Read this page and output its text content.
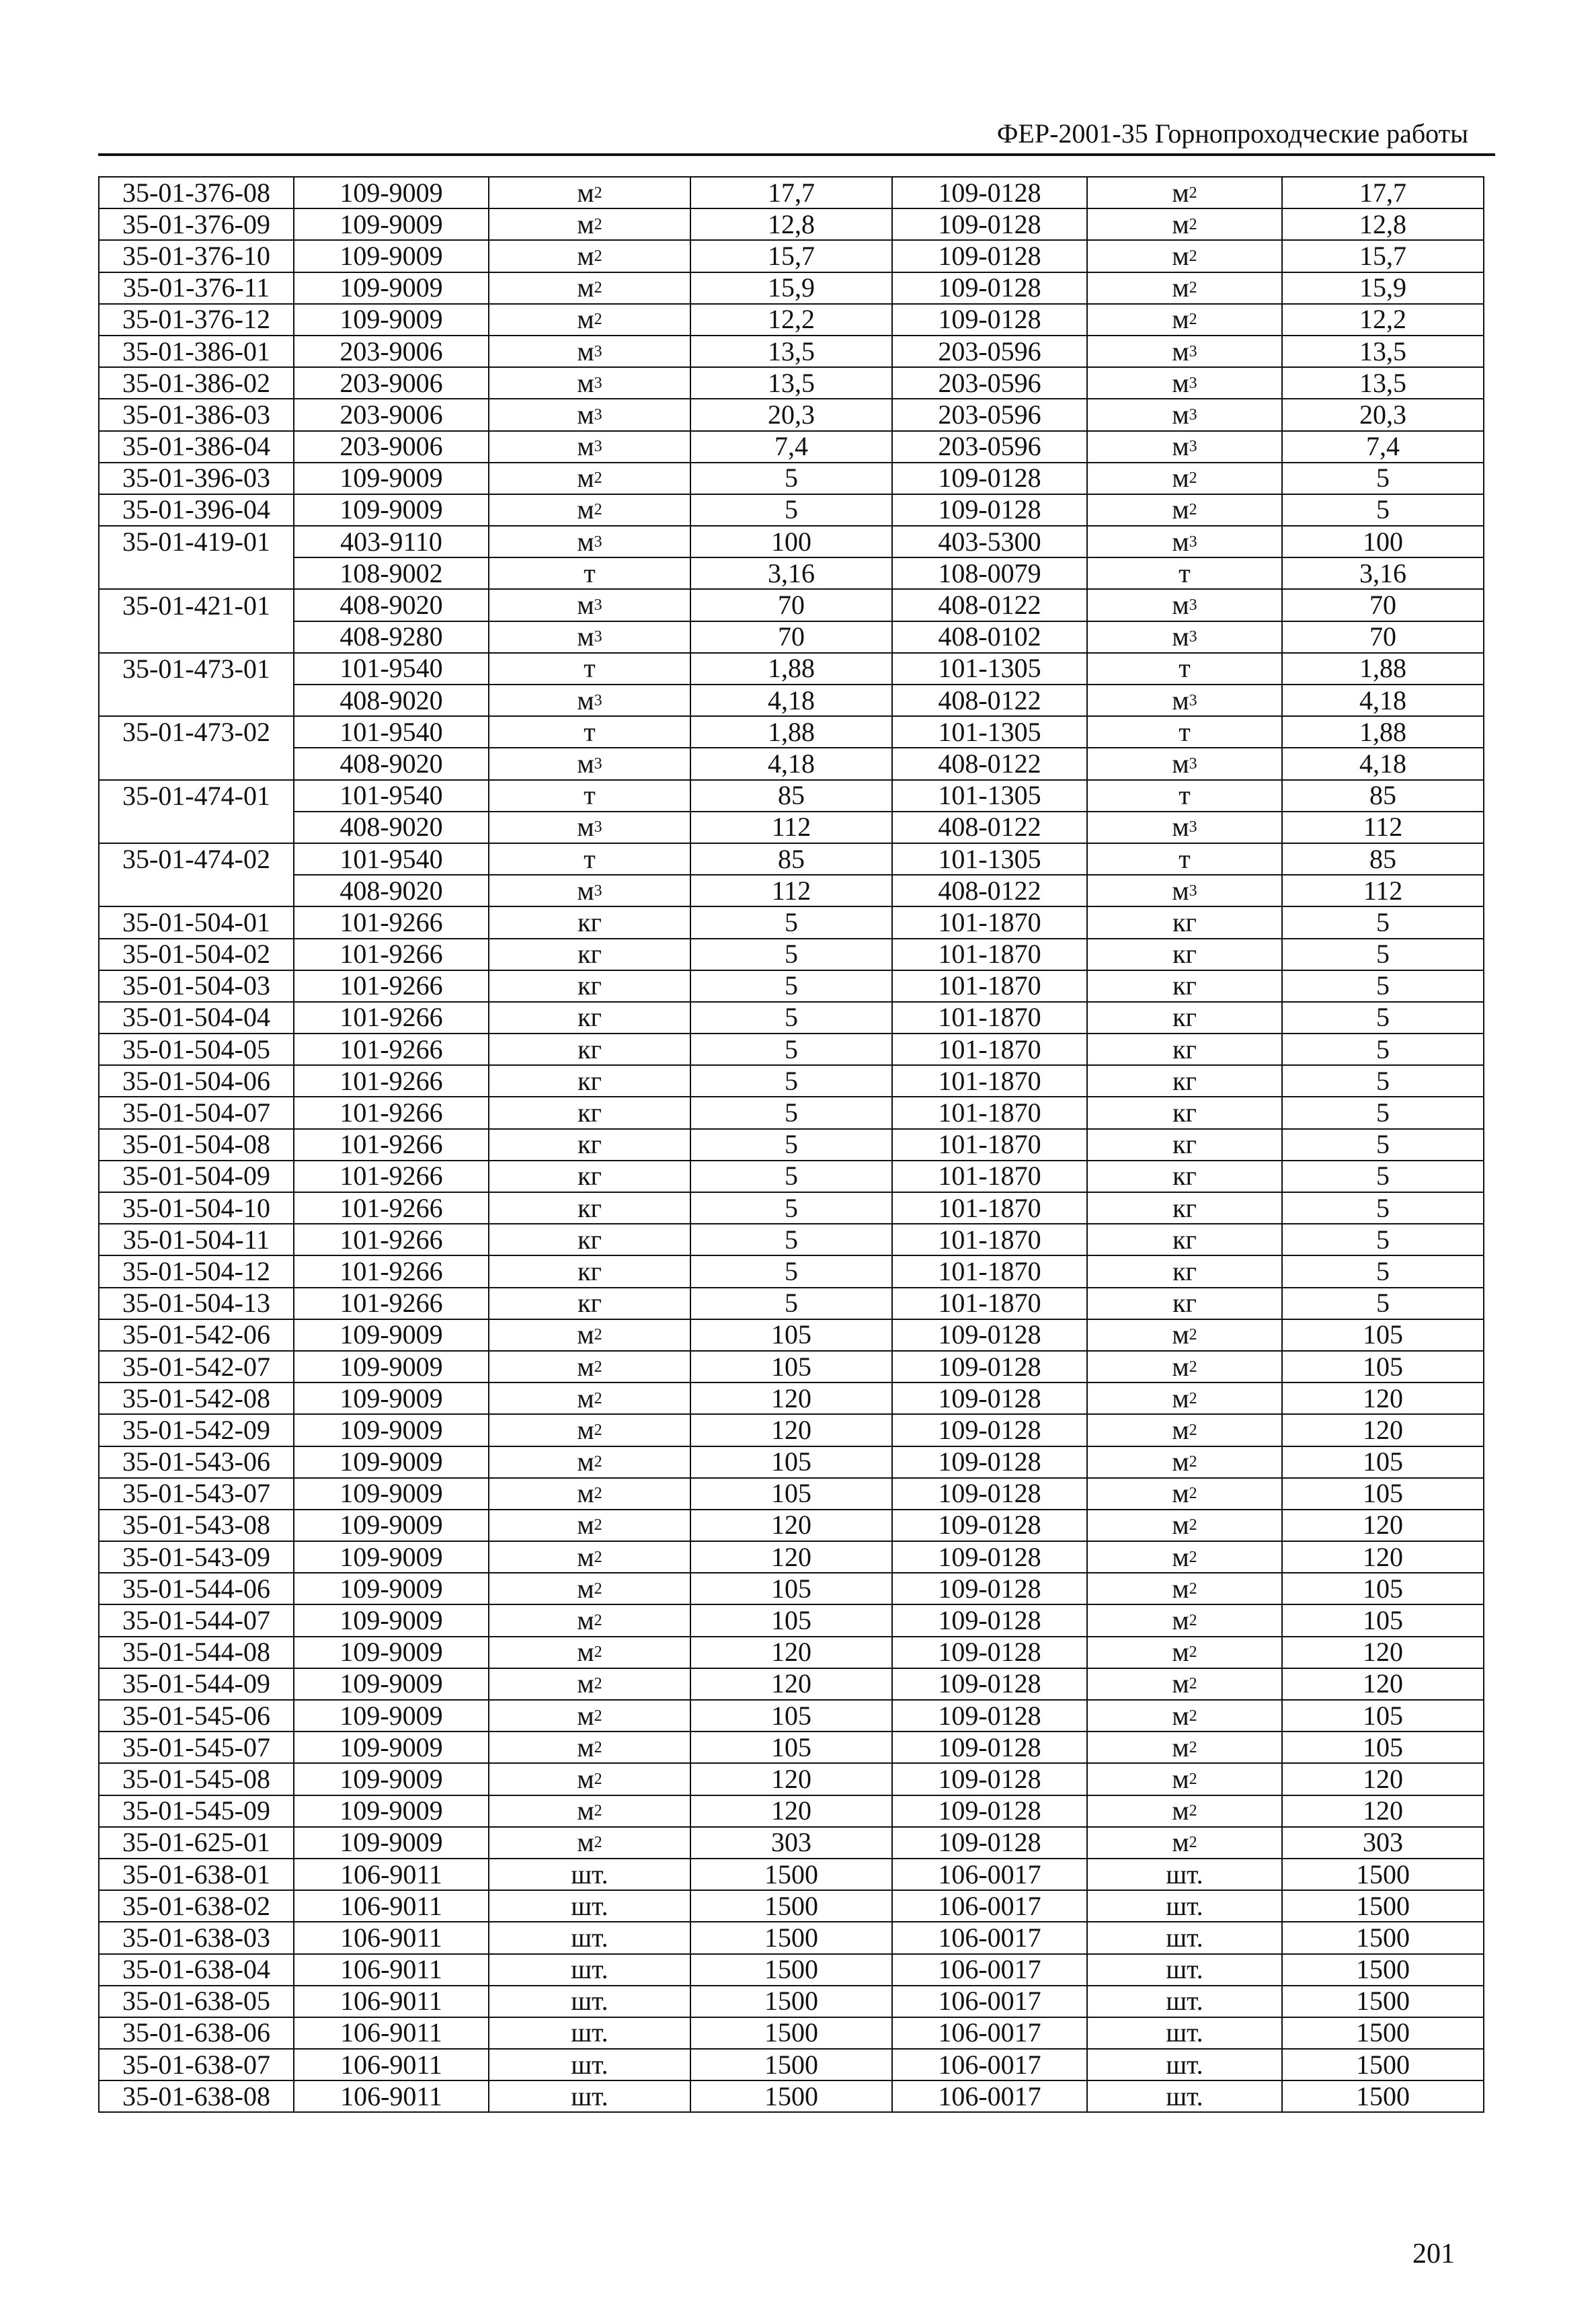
ФЕР-2001-35 Горнопроходческие работы
35-01-376-08	109-9009	$м^2$	17,7	109-0128	$м^2$	17,7
35-01-376-09	109-9009	$м^2$	12,8	109-0128	$м^2$	12,8
35-01-376-10	109-9009	$м^2$	15,7	109-0128	$м^2$	15,7
35-01-376-11	109-9009	$м^2$	15,9	109-0128	$м^2$	15,9
35-01-376-12	109-9009	$м^2$	12,2	109-0128	$м^2$	12,2
35-01-386-01	203-9006	$м^3$	13,5	203-0596	$м^3$	13,5
35-01-386-02	203-9006	$м^3$	13,5	203-0596	$м^3$	13,5
35-01-386-03	203-9006	$м^3$	20,3	203-0596	$м^3$	20,3
35-01-386-04	203-9006	$м^3$	7,4	203-0596	$м^3$	7,4
35-01-396-03	109-9009	$м^2$	5	109-0128	$м^2$	5
35-01-396-04	109-9009	$м^2$	5	109-0128	$м^2$	5
35-01-419-01	403-9110	$м^3$	100	403-5300	$м^3$	100
	108-9002	т	3,16	108-0079	т	3,16
35-01-421-01	408-9020	$м^3$	70	408-0122	$м^3$	70
	408-9280	$м^3$	70	408-0102	$м^3$	70
35-01-473-01	101-9540	т	1,88	101-1305	т	1,88
	408-9020	$м^3$	4,18	408-0122	$м^3$	4,18
35-01-473-02	101-9540	т	1,88	101-1305	т	1,88
	408-9020	$м^3$	4,18	408-0122	$м^3$	4,18
35-01-474-01	101-9540	т	85	101-1305	т	85
	408-9020	$м^3$	112	408-0122	$м^3$	112
35-01-474-02	101-9540	т	85	101-1305	т	85
	408-9020	$м^3$	112	408-0122	$м^3$	112
35-01-504-01	101-9266	кг	5	101-1870	кг	5
35-01-504-02	101-9266	кг	5	101-1870	кг	5
35-01-504-03	101-9266	кг	5	101-1870	кг	5
35-01-504-04	101-9266	кг	5	101-1870	кг	5
35-01-504-05	101-9266	кг	5	101-1870	кг	5
35-01-504-06	101-9266	кг	5	101-1870	кг	5
35-01-504-07	101-9266	кг	5	101-1870	кг	5
35-01-504-08	101-9266	кг	5	101-1870	кг	5
35-01-504-09	101-9266	кг	5	101-1870	кг	5
35-01-504-10	101-9266	кг	5	101-1870	кг	5
35-01-504-11	101-9266	кг	5	101-1870	кг	5
35-01-504-12	101-9266	кг	5	101-1870	кг	5
35-01-504-13	101-9266	кг	5	101-1870	кг	5
35-01-542-06	109-9009	$м^2$	105	109-0128	$м^2$	105
35-01-542-07	109-9009	$м^2$	105	109-0128	$м^2$	105
35-01-542-08	109-9009	$м^2$	120	109-0128	$м^2$	120
35-01-542-09	109-9009	$м^2$	120	109-0128	$м^2$	120
35-01-543-06	109-9009	$м^2$	105	109-0128	$м^2$	105
35-01-543-07	109-9009	$м^2$	105	109-0128	$м^2$	105
35-01-543-08	109-9009	$м^2$	120	109-0128	$м^2$	120
35-01-543-09	109-9009	$м^2$	120	109-0128	$м^2$	120
35-01-544-06	109-9009	$м^2$	105	109-0128	$м^2$	105
35-01-544-07	109-9009	$м^2$	105	109-0128	$м^2$	105
35-01-544-08	109-9009	$м^2$	120	109-0128	$м^2$	120
35-01-544-09	109-9009	$м^2$	120	109-0128	$м^2$	120
35-01-545-06	109-9009	$м^2$	105	109-0128	$м^2$	105
35-01-545-07	109-9009	$м^2$	105	109-0128	$м^2$	105
35-01-545-08	109-9009	$м^2$	120	109-0128	$м^2$	120
35-01-545-09	109-9009	$м^2$	120	109-0128	$м^2$	120
35-01-625-01	109-9009	$м^2$	303	109-0128	$м^2$	303
35-01-638-01	106-9011	шт.	1500	106-0017	шт.	1500
35-01-638-02	106-9011	шт.	1500	106-0017	шт.	1500
35-01-638-03	106-9011	шт.	1500	106-0017	шт.	1500
35-01-638-04	106-9011	шт.	1500	106-0017	шт.	1500
35-01-638-05	106-9011	шт.	1500	106-0017	шт.	1500
35-01-638-06	106-9011	шт.	1500	106-0017	шт.	1500
35-01-638-07	106-9011	шт.	1500	106-0017	шт.	1500
35-01-638-08	106-9011	шт.	1500	106-0017	шт.	1500
201
